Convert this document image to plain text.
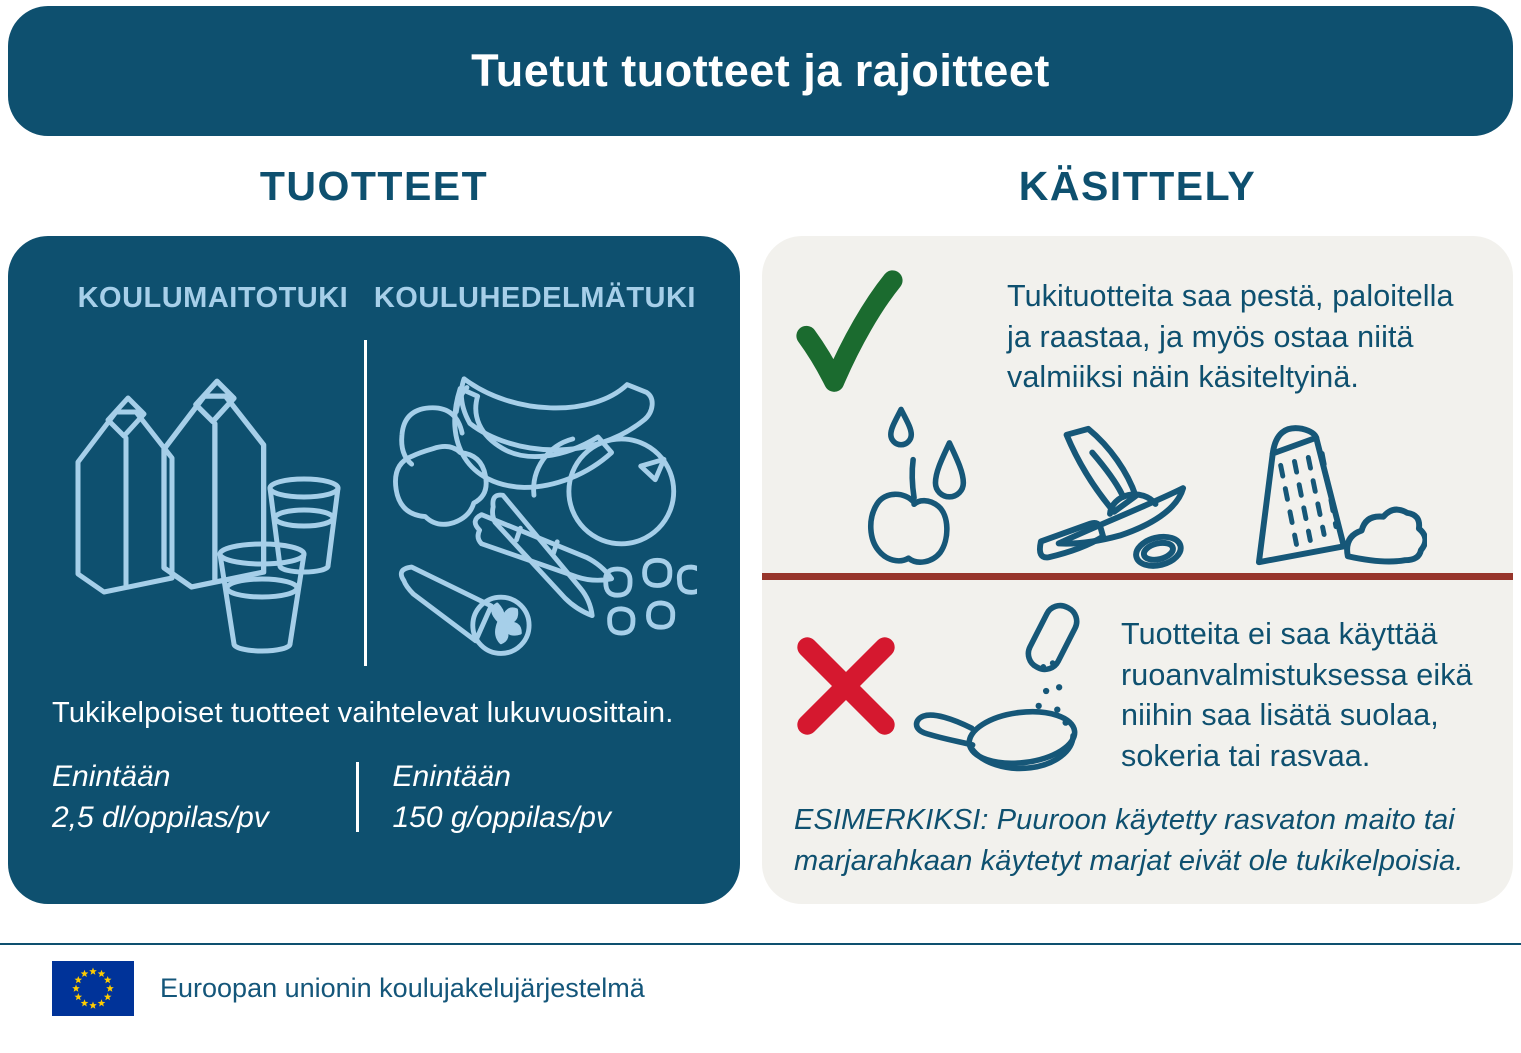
Tuetut tuotteet ja rajoitteet
TUOTTEET
KOULUMAITOTUKI KOULUHEDELMÄTUKI

Tukikelpoiset tuotteet vaihtelevat lukuvuosittain.

Enintään
2,5 dl/oppilas/pv
Enintään
150 g/oppilas/pv
KÄSITTELY

Tukituotteita saa pestä, paloitella ja raastaa, ja myös ostaa niitä valmiiksi näin käsiteltyinä.

Tuotteita ei saa käyttää ruoanvalmistuksessa eikä niihin saa lisätä suolaa, sokeria tai rasvaa.

ESIMERKIKSI: Puuroon käytetty rasvaton maito tai marjarahkaan käytetyt marjat eivät ole tukikelpoisia.

Euroopan unionin koulujakelujärjestelmä
